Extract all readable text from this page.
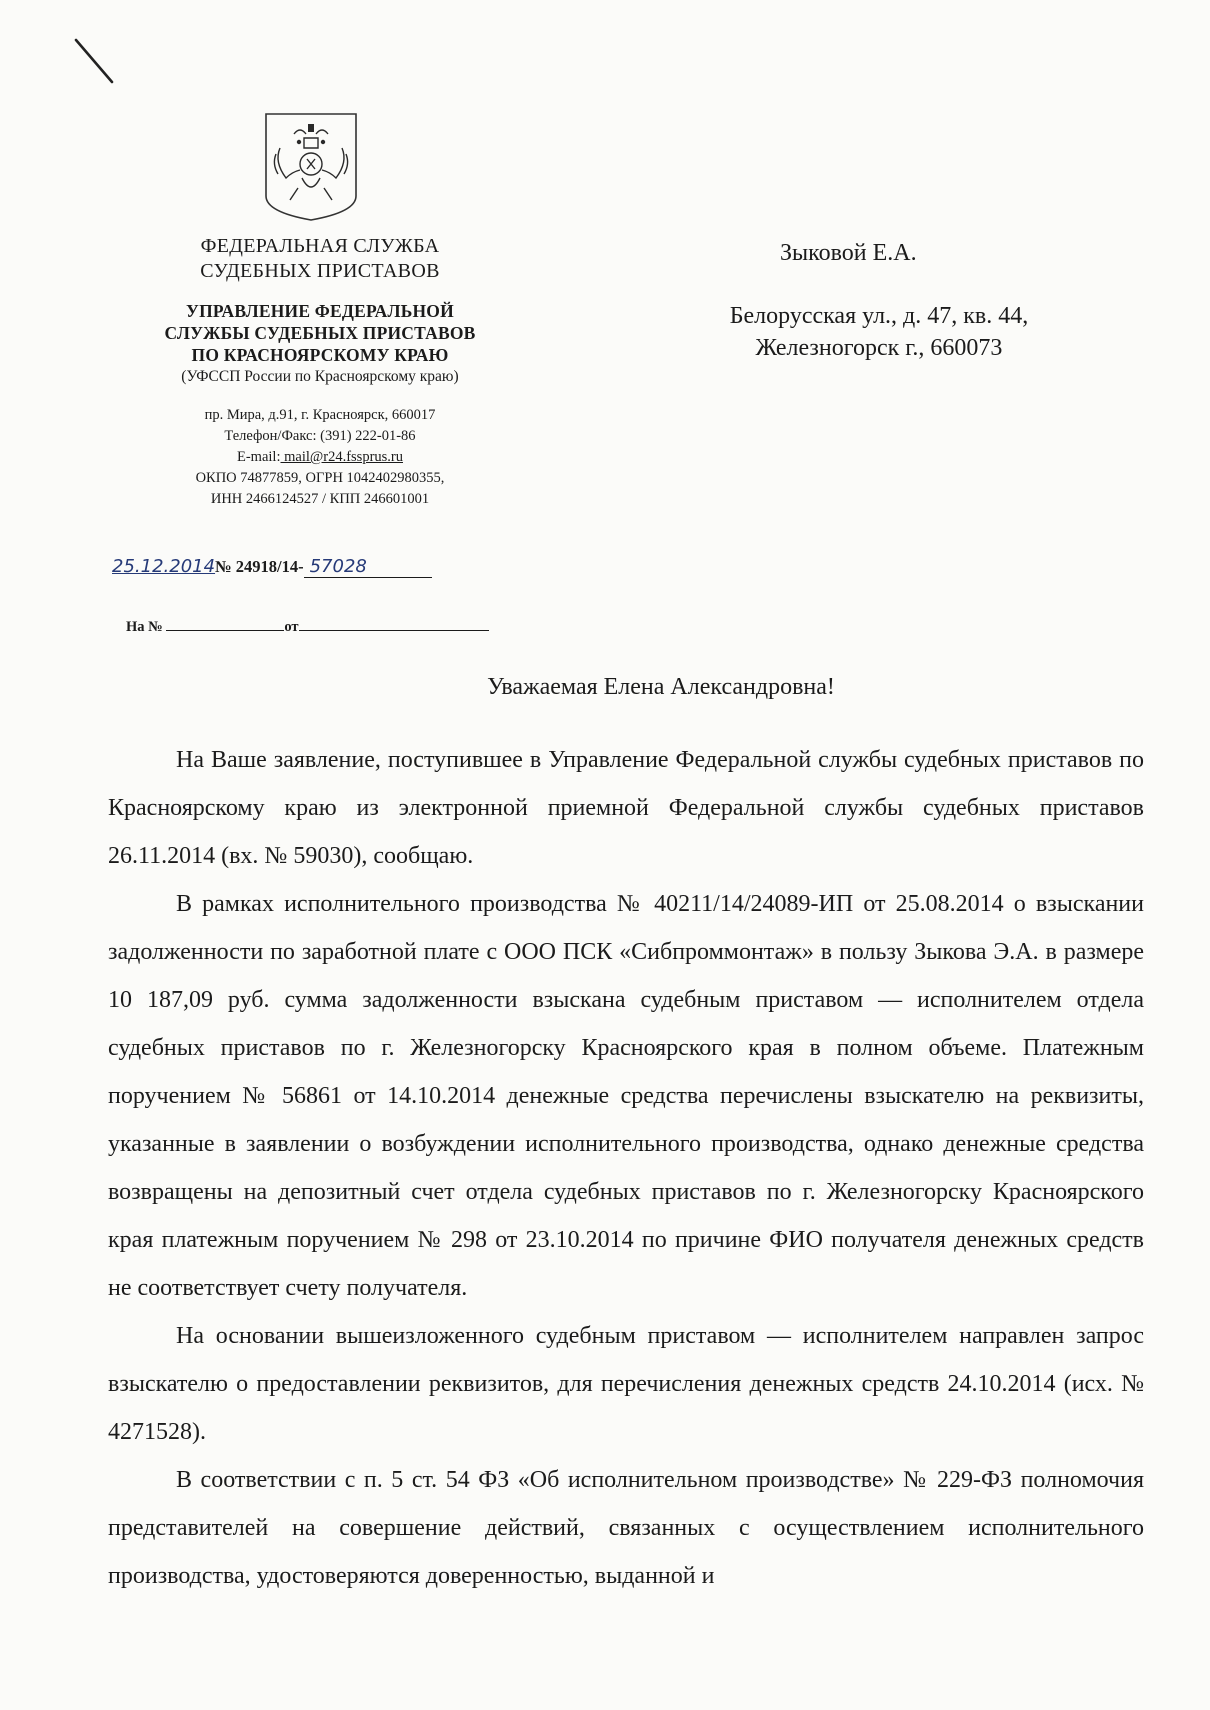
ФЕДЕРАЛЬНАЯ СЛУЖБА
СУДЕБНЫХ ПРИСТАВОВ
УПРАВЛЕНИЕ ФЕДЕРАЛЬНОЙ
СЛУЖБЫ СУДЕБНЫХ ПРИСТАВОВ
ПО КРАСНОЯРСКОМУ КРАЮ
(УФССП России по Красноярскому краю)
пр. Мира, д.91, г. Красноярск, 660017
Телефон/Факс: (391) 222-01-86
E-mail: mail@r24.fssprus.ru
ОКПО 74877859, ОГРН 1042402980355,
ИНН 2466124527 / КПП 246601001
25.12.2014№ 24918/14- 57028
На №	от
Зыковой Е.А.
Белорусская ул., д. 47, кв. 44,
Железногорск г., 660073
Уважаемая Елена Александровна!

На Ваше заявление, поступившее в Управление Федеральной службы судебных приставов по Красноярскому краю из электронной приемной Федеральной службы судебных приставов 26.11.2014 (вх. № 59030), сообщаю.

В рамках исполнительного производства № 40211/14/24089-ИП от 25.08.2014 о взыскании задолженности по заработной плате с ООО ПСК «Сибпроммонтаж» в пользу Зыкова Э.А. в размере 10 187,09 руб. сумма задолженности взыскана судебным приставом — исполнителем отдела судебных приставов по г. Железногорску Красноярского края в полном объеме. Платежным поручением № 56861 от 14.10.2014 денежные средства перечислены взыскателю на реквизиты, указанные в заявлении о возбуждении исполнительного производства, однако денежные средства возвращены на депозитный счет отдела судебных приставов по г. Железногорску Красноярского края платежным поручением № 298 от 23.10.2014 по причине ФИО получателя денежных средств не соответствует счету получателя.

На основании вышеизложенного судебным приставом — исполнителем направлен запрос взыскателю о предоставлении реквизитов, для перечисления денежных средств 24.10.2014 (исх. № 4271528).

В соответствии с п. 5 ст. 54 ФЗ «Об исполнительном производстве» № 229-ФЗ полномочия представителей на совершение действий, связанных с осуществлением исполнительного производства, удостоверяются доверенностью, выданной и
